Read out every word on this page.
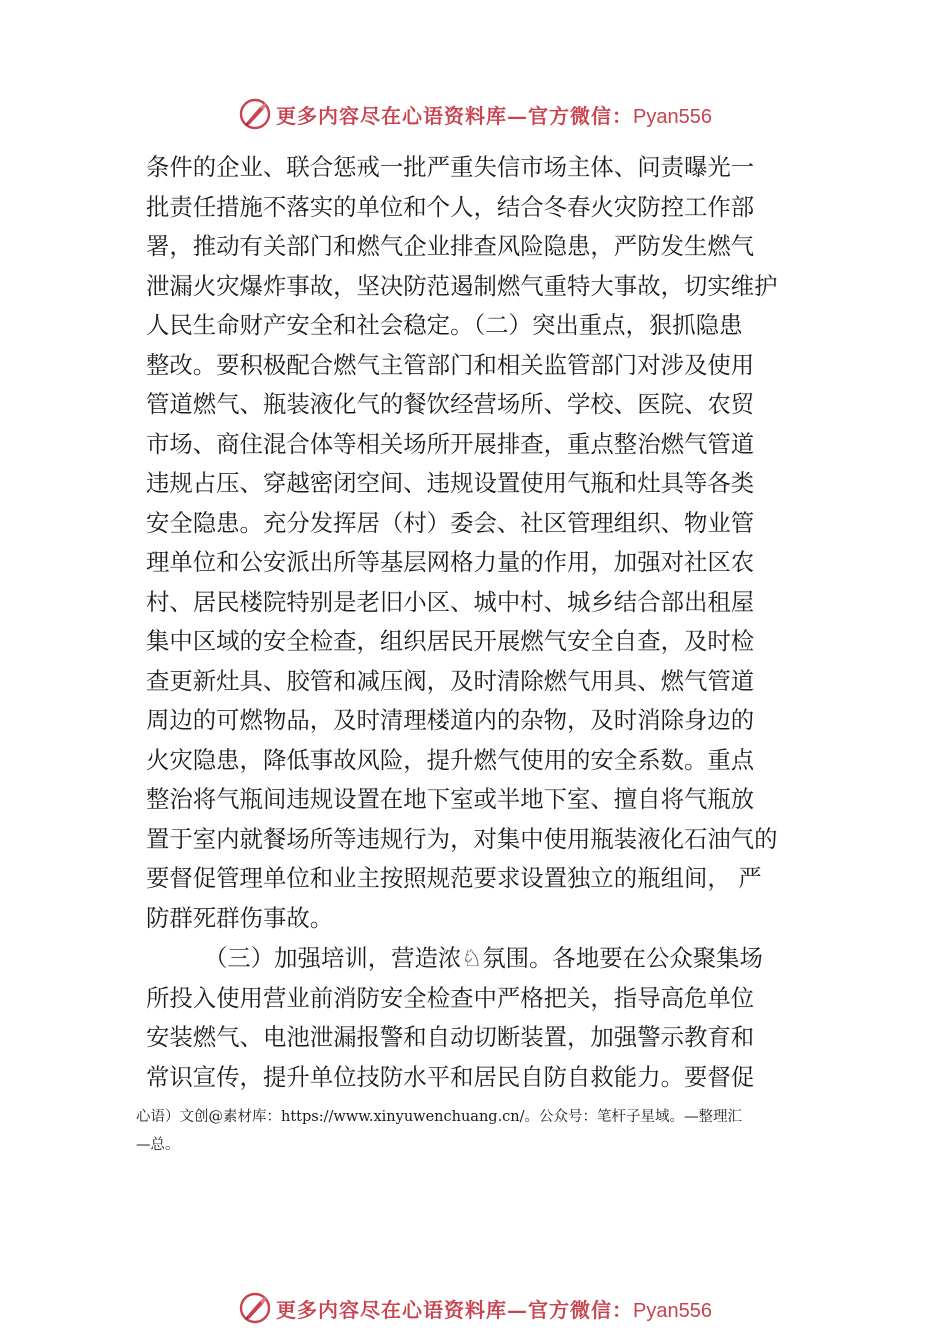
更多内容尽在心语资料库—官方微信：Pyan556
条件的企业、联合惩戒一批严重失信市场主体、问责曝光一
批责任措施不落实的单位和个人，结合冬春火灾防控工作部
署，推动有关部门和燃气企业排查风险隐患，严防发生燃气
泄漏火灾爆炸事故，坚决防范遏制燃气重特大事故，切实维护
人民生命财产安全和社会稳定。（二）突出重点，狠抓隐患
整改。要积极配合燃气主管部门和相关监管部门对涉及使用
管道燃气、瓶装液化气的餐饮经营场所、学校、医院、农贸
市场、商住混合体等相关场所开展排查，重点整治燃气管道
违规占压、穿越密闭空间、违规设置使用气瓶和灶具等各类
安全隐患。充分发挥居（村）委会、社区管理组织、物业管
理单位和公安派出所等基层网格力量的作用，加强对社区农
村、居民楼院特别是老旧小区、城中村、城乡结合部出租屋
集中区域的安全检查，组织居民开展燃气安全自查，及时检
查更新灶具、胶管和减压阀，及时清除燃气用具、燃气管道
周边的可燃物品，及时清理楼道内的杂物，及时消除身边的
火灾隐患，降低事故风险，提升燃气使用的安全系数。重点
整治将气瓶间违规设置在地下室或半地下室、擅自将气瓶放
置于室内就餐场所等违规行为，对集中使用瓶装液化石油气的
要督促管理单位和业主按照规范要求设置独立的瓶组间， 严
防群死群伤事故。
（三）加强培训，营造浓♘氛围。各地要在公众聚集场
所投入使用营业前消防安全检查中严格把关，指导高危单位
安装燃气、电池泄漏报警和自动切断装置，加强警示教育和
常识宣传，提升单位技防水平和居民自防自救能力。要督促
心语）文创@素材库：https://www.xinyuwenchuang.cn/。公众号：笔杆子星域。—整理汇
—总。
更多内容尽在心语资料库—官方微信：Pyan556
